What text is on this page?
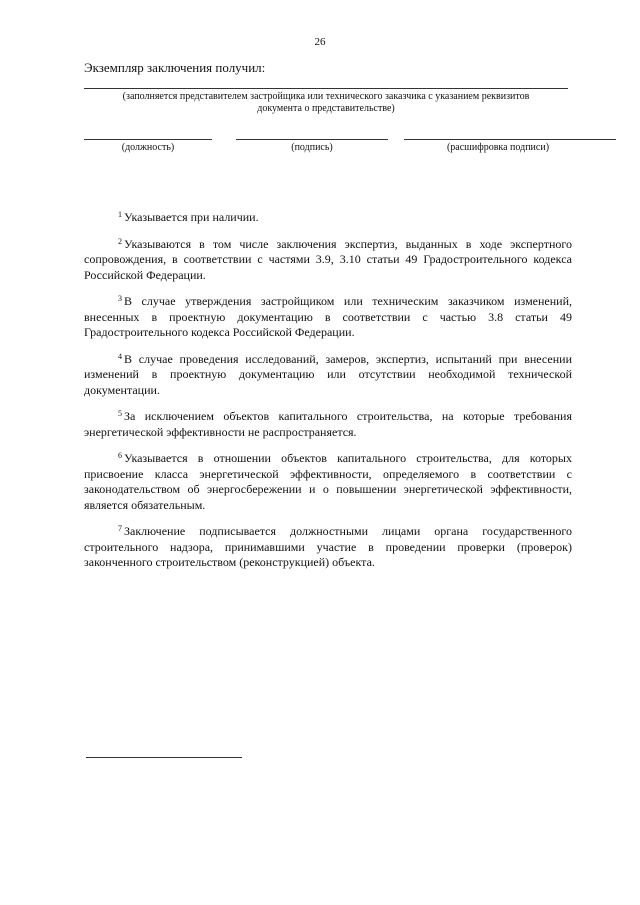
26
Экземпляр заключения получил:
(заполняется представителем застройщика или технического заказчика с указанием реквизитов
документа о представительстве)
(должность)	(подпись)	(расшифровка подписи)

$^1$ Указывается при наличии.

$^2$ Указываются в том числе заключения экспертиз, выданных в ходе экспертного сопровождения, в соответствии с частями 3.9, 3.10 статьи 49 Градостроительного кодекса Российской Федерации.

$^3$ В случае утверждения застройщиком или техническим заказчиком изменений, внесенных в проектную документацию в соответствии с частью 3.8 статьи 49 Градостроительного кодекса Российской Федерации.

$^4$ В случае проведения исследований, замеров, экспертиз, испытаний при внесении изменений в проектную документацию или отсутствии необходимой технической документации.

$^5$ За исключением объектов капитального строительства, на которые требования энергетической эффективности не распространяется.

$^6$ Указывается в отношении объектов капитального строительства, для которых присвоение класса энергетической эффективности, определяемого в соответствии с законодательством об энергосбережении и о повышении энергетической эффективности, является обязательным.

$^7$ Заключение подписывается должностными лицами органа государственного строительного надзора, принимавшими участие в проведении проверки (проверок) законченного строительством (реконструкцией) объекта.
